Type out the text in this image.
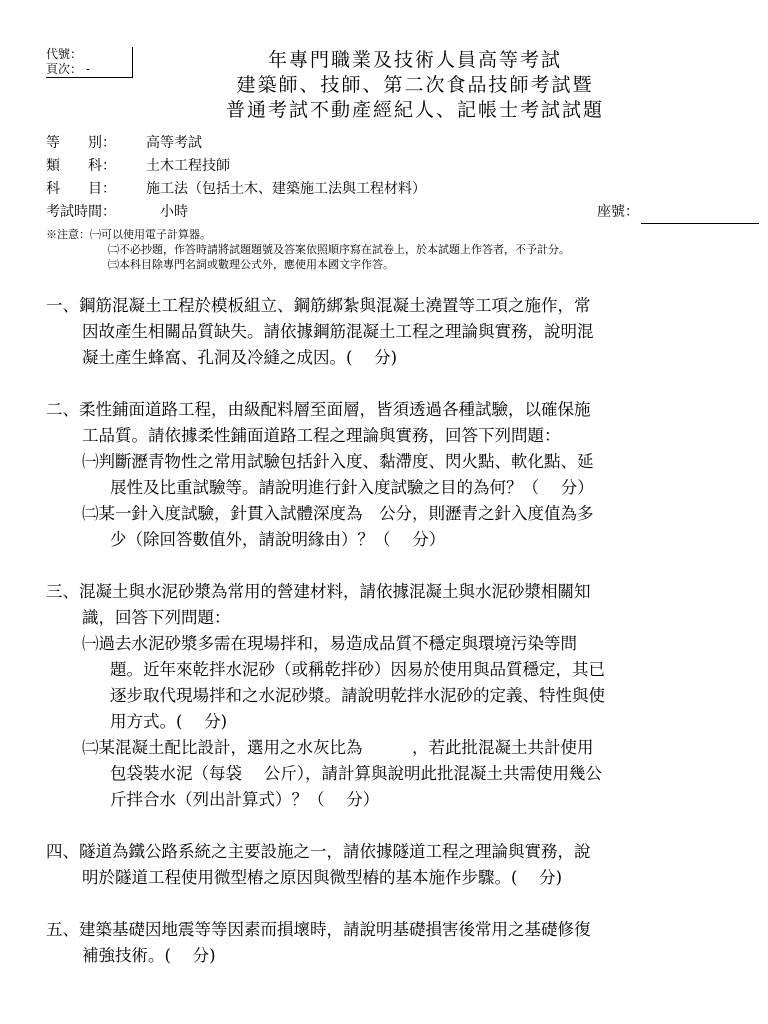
代號：
頁次： -	年專門職業及技術人員高等考試
建築師、技師、第二次食品技師考試暨
普通考試不動產經紀人、記帳士考試試題
等　　別： 高等考試
類　　科： 土木工程技師
科　　目： 施工法（包括土木、建築施工法與工程材料）
考試時間：　小時	座號：
※注意：㈠可以使用電子計算器。
㈡不必抄題，作答時請將試題題號及答案依照順序寫在試卷上，於本試題上作答者，不予計分。
㈢本科目除專門名詞或數理公式外，應使用本國文字作答。
一、鋼筋混凝土工程於模板組立、鋼筋綁紮與混凝土澆置等工項之施作，常
因故產生相關品質缺失。請依據鋼筋混凝土工程之理論與實務，說明混
凝土產生蜂窩、孔洞及冷縫之成因。(　 分)
二、柔性鋪面道路工程，由級配料層至面層，皆須透過各種試驗，以確保施
工品質。請依據柔性鋪面道路工程之理論與實務，回答下列問題：
㈠判斷瀝青物性之常用試驗包括針入度、黏滯度、閃火點、軟化點、延
展性及比重試驗等。請說明進行針入度試驗之目的為何？（　 分）
㈡某一針入度試驗，針貫入試體深度為　公分，則瀝青之針入度值為多
少（除回答數值外，請說明緣由）？（　 分）
三、混凝土與水泥砂漿為常用的營建材料，請依據混凝土與水泥砂漿相關知
識，回答下列問題：
㈠過去水泥砂漿多需在現場拌和，易造成品質不穩定與環境污染等問
題。近年來乾拌水泥砂（或稱乾拌砂）因易於使用與品質穩定，其已
逐步取代現場拌和之水泥砂漿。請說明乾拌水泥砂的定義、特性與使
用方式。(　 分)
㈡某混凝土配比設計，選用之水灰比為　　　，若此批混凝土共計使用
包袋裝水泥（每袋　 公斤），請計算與說明此批混凝土共需使用幾公
斤拌合水（列出計算式）？（　 分）
四、隧道為鐵公路系統之主要設施之一，請依據隧道工程之理論與實務，說
明於隧道工程使用微型樁之原因與微型樁的基本施作步驟。(　 分)
五、建築基礎因地震等等因素而損壞時，請說明基礎損害後常用之基礎修復
補強技術。(　 分)
